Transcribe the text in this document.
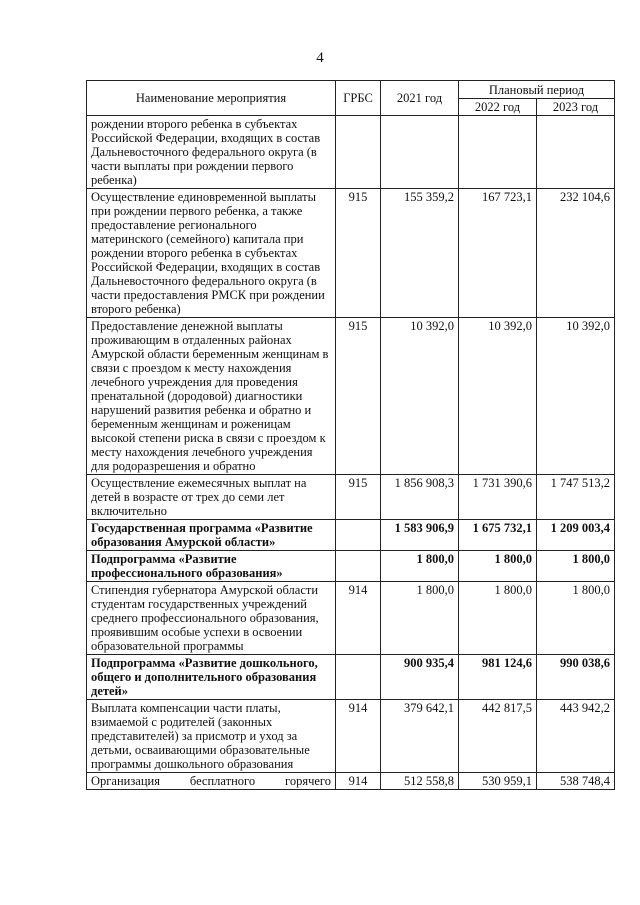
4
Наименование мероприятия	ГРБС	2021 год	Плановый период	
			2022 год	2023 год
рождении второго ребенка в субъектах Российской Федерации, входящих в состав Дальневосточного федерального округа (в части выплаты при рождении первого ребенка)				
Осуществление единовременной выплаты при рождении первого ребенка, а также предоставление регионального материнского (семейного) капитала при рождении второго ребенка в субъектах Российской Федерации, входящих в состав Дальневосточного федерального округа (в части предоставления РМСК при рождении второго ребенка)	915	155 359,2	167 723,1	232 104,6
Предоставление денежной выплаты проживающим в отдаленных районах Амурской области беременным женщинам в связи с проездом к месту нахождения лечебного учреждения для проведения пренатальной (дородовой) диагностики нарушений развития ребенка и обратно и беременным женщинам и роженицам высокой степени риска в связи с проездом к месту нахождения лечебного учреждения для родоразрешения и обратно	915	10 392,0	10 392,0	10 392,0
Осуществление ежемесячных выплат на детей в возрасте от трех до семи лет включительно	915	1 856 908,3	1 731 390,6	1 747 513,2
Государственная программа «Развитие образования Амурской области»		1 583 906,9	1 675 732,1	1 209 003,4
Подпрограмма «Развитие профессионального образования»		1 800,0	1 800,0	1 800,0
Стипендия губернатора Амурской области студентам государственных учреждений среднего профессионального образования, проявившим особые успехи в освоении образовательной программы	914	1 800,0	1 800,0	1 800,0
Подпрограмма «Развитие дошкольного, общего и дополнительного образования детей»		900 935,4	981 124,6	990 038,6
Выплата компенсации части платы, взимаемой с родителей (законных представителей) за присмотр и уход за детьми, осваивающими образовательные программы дошкольного образования	914	379 642,1	442 817,5	443 942,2
Организация бесплатного горячего	914	512 558,8	530 959,1	538 748,4
